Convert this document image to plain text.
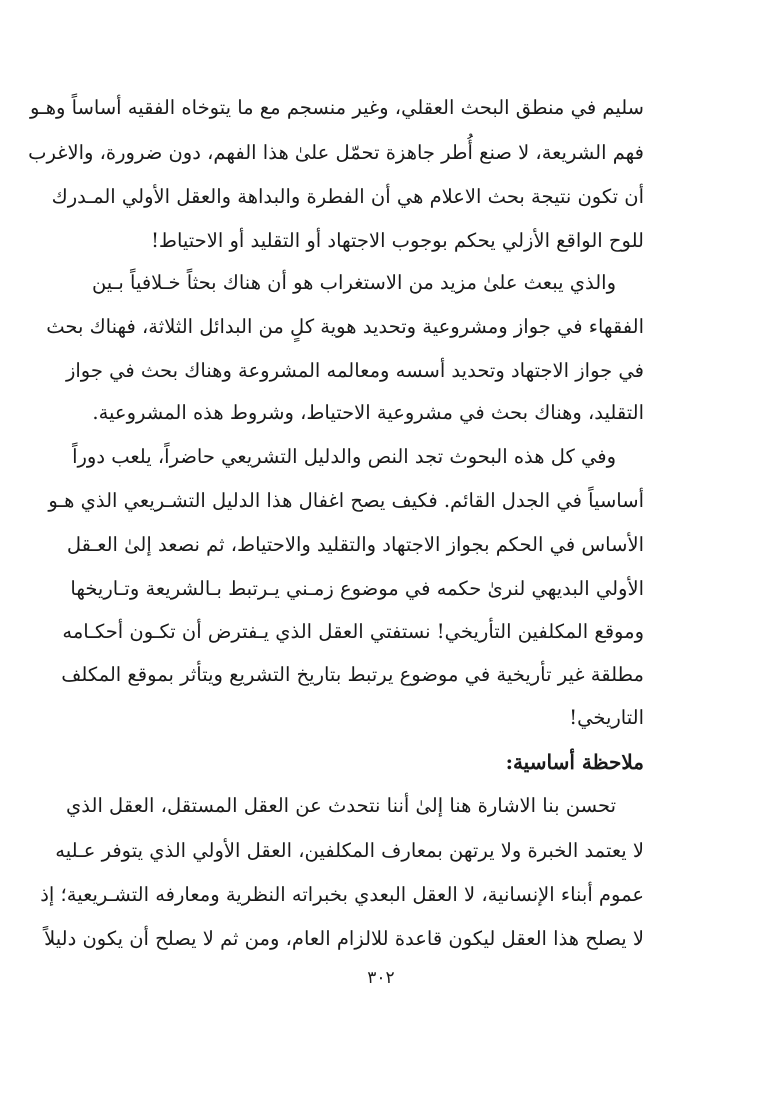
سليم في منطق البحث العقلي، وغير منسجم مع ما يتوخاه الفقيه أساساً وهـو
فهم الشريعة، لا صنع أُطر جاهزة تحمّل علىٰ هذا الفهم، دون ضرورة، والاغرب
أن تكون نتيجة بحث الاعلام هي أن الفطرة والبداهة والعقل الأولي المـدرك
للوح الواقع الأزلي يحكم بوجوب الاجتهاد أو التقليد أو الاحتياط!
والذي يبعث علىٰ مزيد من الاستغراب هو أن هناك بحثاً خـلافياً بـين
الفقهاء في جواز ومشروعية وتحديد هوية كلٍ من البدائل الثلاثة، فهناك بحث
في جواز الاجتهاد وتحديد أسسه ومعالمه المشروعة وهناك بحث في جواز
التقليد، وهناك بحث في مشروعية الاحتياط، وشروط هذه المشروعية.
وفي كل هذه البحوث تجد النص والدليل التشريعي حاضراً، يلعب دوراً
أساسياً في الجدل القائم. فكيف يصح اغفال هذا الدليل التشـريعي الذي هـو
الأساس في الحكم بجواز الاجتهاد والتقليد والاحتياط، ثم نصعد إلىٰ العـقل
الأولي البديهي لنرىٰ حكمه في موضوع زمـني يـرتبط بـالشريعة وتـاريخها
وموقع المكلفين التأريخي! نستفتي العقل الذي يـفترض أن تكـون أحكـامه
مطلقة غير تأريخية في موضوع يرتبط بتاريخ التشريع ويتأثر بموقع المكلف
التاريخي!
ملاحظة أساسية:
تحسن بنا الاشارة هنا إلىٰ أننا نتحدث عن العقل المستقل، العقل الذي
لا يعتمد الخبرة ولا يرتهن بمعارف المكلفين، العقل الأولي الذي يتوفر عـليه
عموم أبناء الإنسانية، لا العقل البعدي بخبراته النظرية ومعارفه التشـريعية؛ إذ
لا يصلح هذا العقل ليكون قاعدة للالزام العام، ومن ثم لا يصلح أن يكون دليلاً
٣٠٢
